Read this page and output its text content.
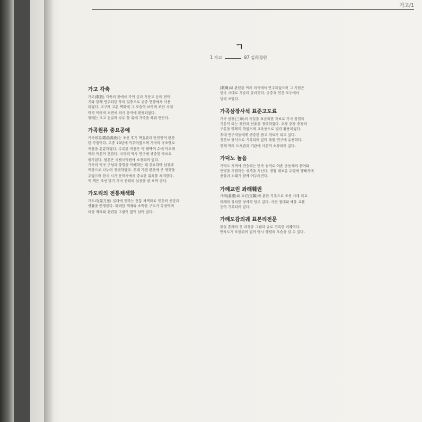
가고/1
ㄱ
1 가고	87 김희경현
가고 각축
가고(歌鼓) 각축의 장에서 가야 금과 거문고 등의 현악
기와 함께 연주되던 북의 일종으로 궁중 연향에서 사용
되었다. 고구려 고분 벽화에 그 모습이 보이며 조선 시대
까지 이어져 오면서 의식 음악에 편성되었다.
형태는 크고 둥글며 나무 틀 위에 가죽을 씌워 만든다.
가곡원류 중요공예
가곡원류(歌曲源流)는 조선 후기 박효관과 안민영이 편찬
한 가집이다. 고종 13년에 이루어졌으며 가곡의 곡조별로
작품을 분류하였다. 수록된 작품은 약 팔백여 수에 이르며
여러 이본이 전한다. 국악의 역사 연구에 귀중한 자료로
평가된다. 원본은 국립국악원에 소장되어 있다.
가곡의 악곡 구성과 창법을 이해하는 데 중요하며 남창과
여창으로 나누어 정리하였다. 후대 가집 편찬에 큰 영향을
주었으며 한국 시가 문학사에서 중요한 위치를 차지한다.
이 책은 조선 말기 가곡 문화의 실상을 잘 보여 준다.
가도리의 전통채색화
가도리(架刀里) 일대에 전하는 전통 채색화로 민간의 신앙과
생활을 반영한다. 화려한 색채와 소박한 구도가 특징이며
마을 제의와 관련된 그림이 많이 남아 있다.
(歌舞)와 관련된 여러 의식에서 연주되었으며 그 기원은
삼국 시대로 거슬러 올라간다. 궁중과 민간 모두에서
널리 쓰였다.
가곡삼장사석 표준고도료
가곡 삼장(三章)의 사설을 표준화한 자료로 가곡 창법의
기본이 되는 장단과 선율을 정리하였다. 초장 중장 종장의
구분을 명확히 하였으며 교육용으로 널리 활용되었다.
후대 연구자들에게 귀중한 참고 자료가 되고 있다.
정간보 형식으로 기록되어 있어 복원 연구에 유용하다.
현재 여러 도서관과 기관에 사본이 소장되어 있다.
가덕노 놀음
가덕도 지역에 전승되는 민속 놀이로 어촌 공동체의 풍어와
안녕을 기원하는 성격을 지닌다. 정월 대보름 무렵에 행해지며
풍물과 노래가 함께 어우러진다.
가례교린 좌래훼권
가례(嘉禮)와 교린(交隣)에 관한 기록으로 조선 시대 외교
의례의 절차를 상세히 담고 있다. 사신 접대와 예물 교환
등이 기록되어 있다.
가례도감의궤 표본리전문
왕실 혼례의 전 과정을 그림과 글로 기록한 의궤이다.
반차도가 포함되어 있어 당시 행렬의 모습을 알 수 있다.
